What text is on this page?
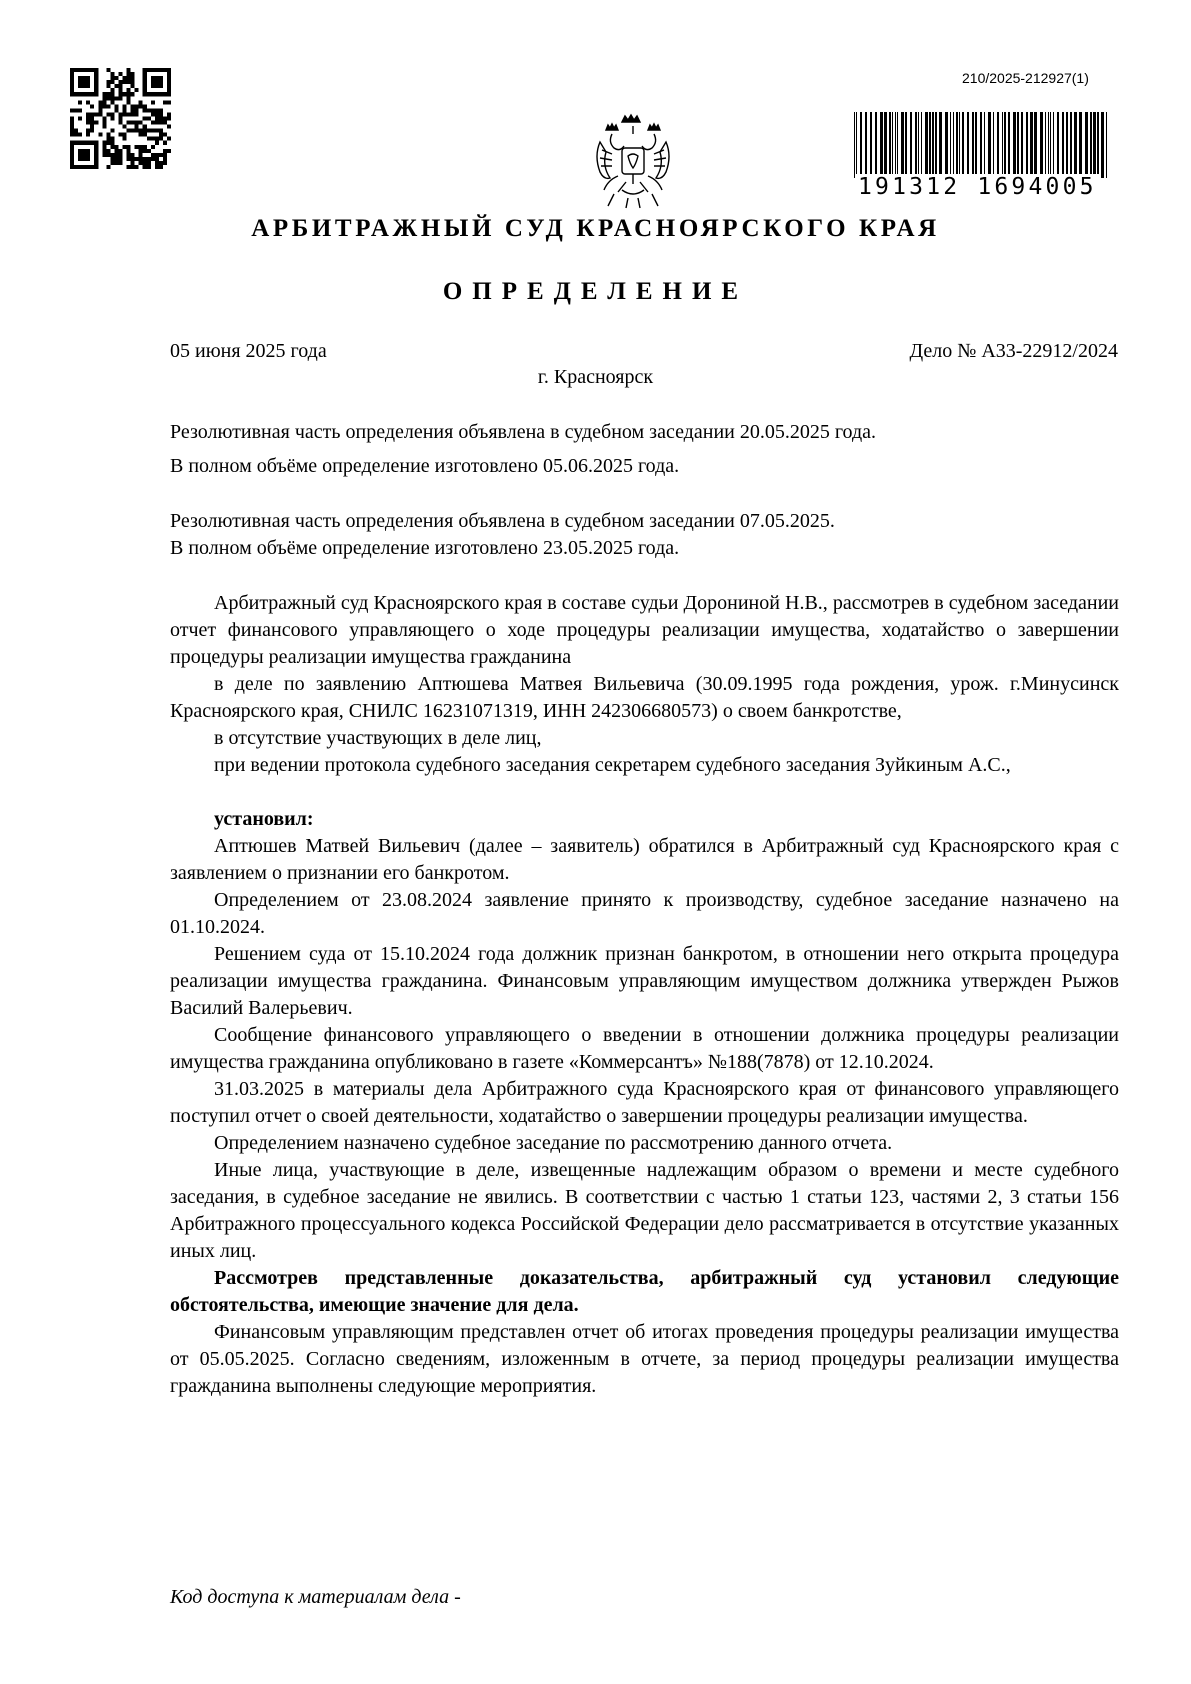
210/2025-212927(1)
191312 1694005
АРБИТРАЖНЫЙ СУД КРАСНОЯРСКОГО КРАЯ
ОПРЕДЕЛЕНИЕ
05 июня 2025 года	Дело № А33-22912/2024
г. Красноярск
Резолютивная часть определения объявлена в судебном заседании 20.05.2025 года.
В полном объёме определение изготовлено 05.06.2025 года.
Резолютивная часть определения объявлена в судебном заседании 07.05.2025.
В полном объёме определение изготовлено 23.05.2025 года.

Арбитражный суд Красноярского края в составе судьи Дорониной Н.В., рассмотрев в судебном заседании отчет финансового управляющего о ходе процедуры реализации имущества, ходатайство о завершении процедуры реализации имущества гражданина

в деле по заявлению Аптюшева Матвея Вильевича (30.09.1995 года рождения, урож. г.Минусинск Красноярского края, СНИЛС 16231071319, ИНН 242306680573) о своем банкротстве,

в отсутствие участвующих в деле лиц,

при ведении протокола судебного заседания секретарем судебного заседания Зуйкиным А.С.,

установил:

Аптюшев Матвей Вильевич (далее – заявитель) обратился в Арбитражный суд Красноярского края с заявлением о признании его банкротом.

Определением от 23.08.2024 заявление принято к производству, судебное заседание назначено на 01.10.2024.

Решением суда от 15.10.2024 года должник признан банкротом, в отношении него открыта процедура реализации имущества гражданина. Финансовым управляющим имуществом должника утвержден Рыжов Василий Валерьевич.

Сообщение финансового управляющего о введении в отношении должника процедуры реализации имущества гражданина опубликовано в газете «Коммерсантъ» №188(7878) от 12.10.2024.

31.03.2025 в материалы дела Арбитражного суда Красноярского края от финансового управляющего поступил отчет о своей деятельности, ходатайство о завершении процедуры реализации имущества.

Определением назначено судебное заседание по рассмотрению данного отчета.

Иные лица, участвующие в деле, извещенные надлежащим образом о времени и месте судебного заседания, в судебное заседание не явились. В соответствии с частью 1 статьи 123, частями 2, 3 статьи 156 Арбитражного процессуального кодекса Российской Федерации дело рассматривается в отсутствие указанных иных лиц.

Рассмотрев представленные доказательства, арбитражный суд установил следующие обстоятельства, имеющие значение для дела.

Финансовым управляющим представлен отчет об итогах проведения процедуры реализации имущества от 05.05.2025. Согласно сведениям, изложенным в отчете, за период процедуры реализации имущества гражданина выполнены следующие мероприятия.

Код доступа к материалам дела -
